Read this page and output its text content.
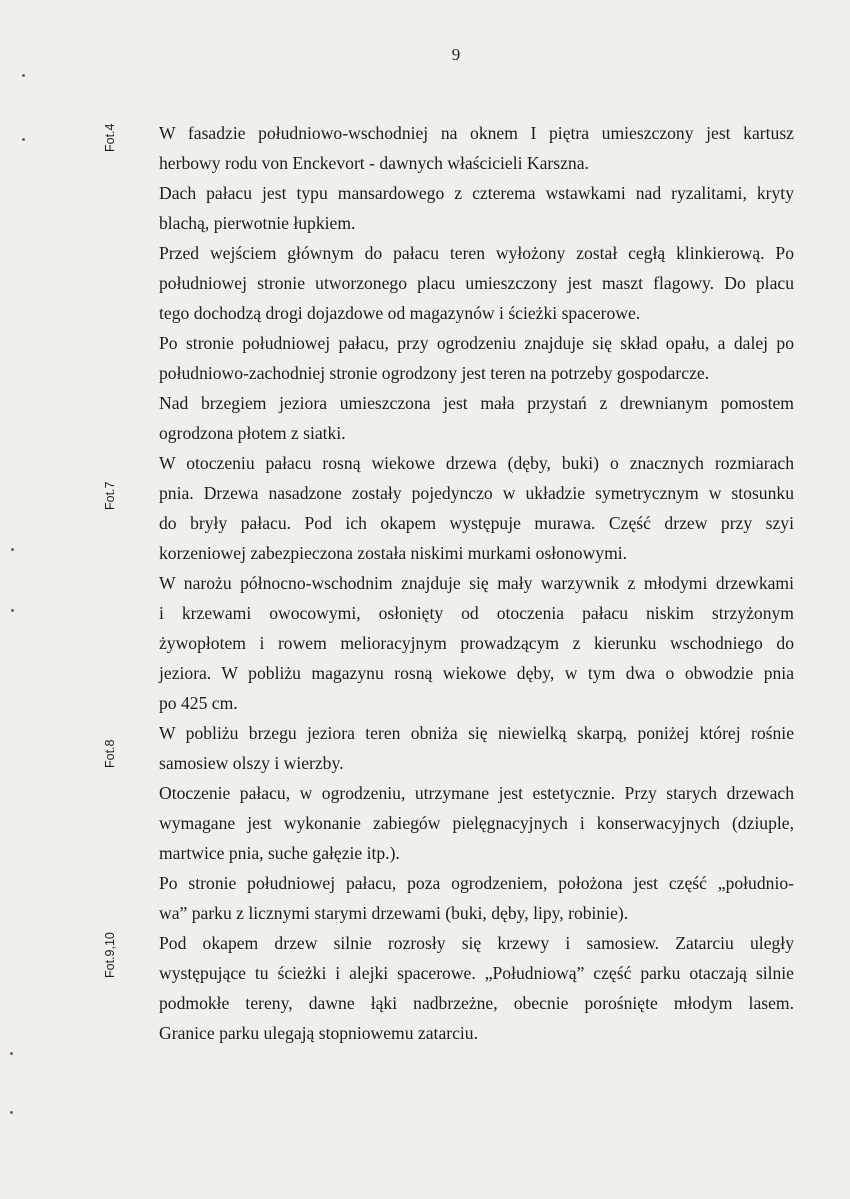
9
Fot.4
Fot.7
Fot.8
Fot.9,10
W fasadzie południowo-wschodniej na oknem I piętra umieszczony jest kartusz
herbowy rodu von Enckevort - dawnych właścicieli Karszna.
Dach pałacu jest typu mansardowego z czterema wstawkami nad ryzalitami, kryty
blachą, pierwotnie łupkiem.
Przed wejściem głównym do pałacu teren wyłożony został cegłą klinkierową. Po
południowej stronie utworzonego placu umieszczony jest maszt flagowy. Do placu
tego dochodzą drogi dojazdowe od magazynów i ścieżki spacerowe.
Po stronie południowej pałacu, przy ogrodzeniu znajduje się skład opału, a dalej po
południowo-zachodniej stronie ogrodzony jest teren na potrzeby gospodarcze.
Nad brzegiem jeziora umieszczona jest mała przystań z drewnianym pomostem
ogrodzona płotem z siatki.
W otoczeniu pałacu rosną wiekowe drzewa (dęby, buki) o znacznych rozmiarach
pnia. Drzewa nasadzone zostały pojedynczo w układzie symetrycznym w stosunku
do bryły pałacu. Pod ich okapem występuje murawa. Część drzew przy szyi
korzeniowej zabezpieczona została niskimi murkami osłonowymi.
W narożu północno-wschodnim znajduje się mały warzywnik z młodymi drzewkami
i krzewami owocowymi, osłonięty od otoczenia pałacu niskim strzyżonym
żywopłotem i rowem melioracyjnym prowadzącym z kierunku wschodniego do
jeziora. W pobliżu magazynu rosną wiekowe dęby, w tym dwa o obwodzie pnia
po 425 cm.
W pobliżu brzegu jeziora teren obniża się niewielką skarpą, poniżej której rośnie
samosiew olszy i wierzby.
Otoczenie pałacu, w ogrodzeniu, utrzymane jest estetycznie. Przy starych drzewach
wymagane jest wykonanie zabiegów pielęgnacyjnych i konserwacyjnych (dziuple,
martwice pnia, suche gałęzie itp.).
Po stronie południowej pałacu, poza ogrodzeniem, położona jest część „południo-
wa” parku z licznymi starymi drzewami (buki, dęby, lipy, robinie).
Pod okapem drzew silnie rozrosły się krzewy i samosiew. Zatarciu uległy
występujące tu ścieżki i alejki spacerowe. „Południową” część parku otaczają silnie
podmokłe tereny, dawne łąki nadbrzeżne, obecnie porośnięte młodym lasem.
Granice parku ulegają stopniowemu zatarciu.
